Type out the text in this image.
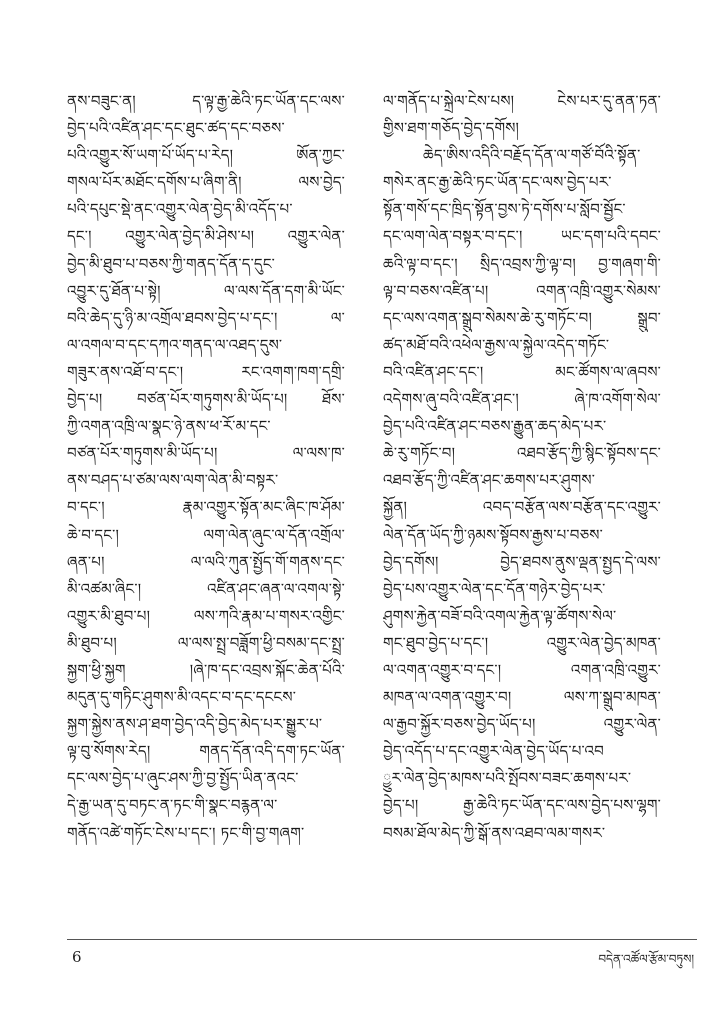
ནས་བཟུང་ན། ད་ལྟ་རྒྱ་ཆེའི་ཏང་ཡོན་དང་ལས་
བྱེད་པའི་འཛིན་ཤང་དང་ཐུང་ཚད་དང་བཅས་
པའི་འགྱུར་སོ་ཡག་པོ་ཡོད་པ་རེད། ཨོན་ཀྱང་
གསལ་པོར་མཐོང་དགོས་པ་ཞིག་ནི། ལས་བྱེད་
པའི་དཔུང་སྡེ་ནང་འགྱུར་ལེན་བྱེད་མི་འདོད་པ་
དང་། འགྱུར་ལེན་བྱེད་མི་ཤེས་པ། འགྱུར་ལེན་
བྱེད་མི་ཐུབ་པ་བཅས་ཀྱི་གནད་དོན་ད་དུང་
འབྱུར་དུ་ཐོན་པ་སྟེ། ལ་ལས་དོན་དག་མི་ཡོང་
བའི་ཆེད་དུ་ཉི་མ་འགྲོལ་ཐབས་བྱེད་པ་དང་། ལ་
ལ་འགལ་བ་དང་དཀའ་གནད་ལ་འཐད་དུས་
གཟུར་ནས་འཐོ་བ་དང་། རང་འགག་ཁག་དགྲི་
བྱེད་པ། བཙན་པོར་གཏུགས་མི་ཡོད་པ། ཐོས་
ཀྱི་འགན་འཁྲི་ལ་སྣང་ཉེ་ནས་ཕ་རོ་མ་དང་
བཙན་པོར་གཏུགས་མི་ཡོད་པ། ལ་ལས་ཁ་
ནས་བཤད་པ་ཙམ་ལས་ལག་ལེན་མི་བསྟར་
བ་དང་། རྣམ་འགྱུར་སྟོན་མང་ཞིང་ཁ་ཤོམ་
ཆེ་བ་དང་། ལག་ལེན་ཞུང་ལ་དོན་འགྲོལ་
ཞན་པ། ལ་ལའི་ཀུན་སྤྱོད་གོ་གནས་དང་
མི་འཚམ་ཞིང་། འཛིན་ཤང་ཞན་ལ་འགལ་སྟེ་
འགྱུར་མི་ཐུབ་པ། ལས་ཀའི་རྣམ་པ་གསར་འགྱིང་
མི་ཐུབ་པ། ལ་ལས་སྤྲ་བཟློག་ཕྱི་བསམ་དང་སྤྲ་
སྐྱག་ཕྱི་སྐྱག །ཞེ་ཁ་དང་འབྲས་སྐོང་ཆེན་པོའི་
མདུན་དུ་གཏིང་ཤུགས་མི་འདང་བ་དང་དངངས་
སྐྱག་སྐྱེས་ནས་ཤ་ཐག་བྱེད་འདི་བྱེད་མེད་པར་སྒྱུར་པ་
ལྟ་བུ་སོགས་རེད། གནད་དོན་འདི་དག་ཏང་ཡོན་
དང་ལས་བྱེད་པ་ཞུང་ཤས་ཀྱི་བྱ་སྤྱོད་ཡིན་ནའང་
དེ་རྒྱ་ཡན་དུ་བཏང་ན་ཏང་གི་སྣང་བརྙན་ལ་
གནོད་འཚེ་གཏོང་ངེས་པ་དང་། ཏང་གི་བྱ་གཞག་
ལ་གནོད་པ་སྐྲེལ་ངེས་པས། ངེས་པར་དུ་ནན་ཏན་
གྱིས་ཐག་གཅོད་བྱེད་དགོས།
ཆེད་ཨིས་འདིའི་བརྗོད་དོན་ལ་གཙོ་བོའི་སྟོན་
གསེར་ནང་རྒྱ་ཆེའི་ཏང་ཡོན་དང་ལས་བྱེད་པར་
སྟོན་གསོ་དང་ཁྲིད་སྟོན་བྱས་ཏེ་དགོས་པ་སློབ་སྦྱོང་
དང་ལག་ལེན་བསྟར་བ་དང་། ཡང་དག་པའི་དབང་
ཆའི་ལྟ་བ་དང་། སྲིད་འབྲས་ཀྱི་ལྟ་བ། བྱ་གཞག་གི་
ལྟ་བ་བཅས་འཛིན་པ། འགན་འཁྲི་འགྱུར་སེམས་
དང་ལས་འགན་སྒྲུབ་སེམས་ཆེ་རུ་གཏོང་བ། སྒྲུབ་
ཚད་མཐོ་བའི་འཕེལ་རྒྱས་ལ་སྐྱེལ་འདེད་གཏོང་
བའི་འཛིན་ཤང་དང་། མང་ཚོགས་ལ་ཞབས་
འདེགས་ཞུ་བའི་འཛིན་ཤང་། ཞེ་ཁ་འགོག་སེལ་
བྱེད་པའི་འཛིན་ཤང་བཅས་རྒྱུན་ཆད་མེད་པར་
ཆེ་རུ་གཏོང་བ། འཐབ་རྩོད་ཀྱི་སྙིང་སྟོབས་དང་
འཐབ་རྩོད་ཀྱི་འཛིན་ཤང་ཆགས་པར་ཤུགས་
སྐྱོན། འབད་བརྩོན་ལས་བརྩོན་དང་འགྱུར་
ལེན་དོན་ཡོད་ཀྱི་ཉམས་སྟོབས་རྒྱས་པ་བཅས་
བྱེད་དགོས། བྱེད་ཐབས་ནུས་ལྡན་སྤྱད་དེ་ལས་
བྱེད་པས་འགྱུར་ལེན་དང་དོན་གཉེར་བྱེད་པར་
ཤུགས་རྐྱེན་བཟོ་བའི་འགལ་རྐྱེན་ལྟ་ཚོགས་སེལ་
གང་ཐུབ་བྱེད་པ་དང་། འགྱུར་ལེན་བྱེད་མཁན་
ལ་འགན་འགྱུར་བ་དང་། འགན་འཁྲི་འགྱུར་
མཁན་ལ་འགན་འགྱུར་བ། ལས་ཀ་སྒྲུབ་མཁན་
ལ་རྒྱབ་སྐྱོར་བཅས་བྱེད་ཡོད་པ། འགྱུར་ལེན་
བྱེད་འདོད་པ་དང་འགྱུར་ལེན་བྱེད་ཡོད་པ་འབ
ྱུར་ལེན་བྱེད་མཁས་པའི་སྤོབས་བཟང་ཆགས་པར་
བྱེད་པ། རྒྱ་ཆེའི་ཏང་ཡོན་དང་ལས་བྱེད་པས་ལྷག་
བསམ་ཐོལ་མེད་ཀྱི་སྒོ་ནས་འཐབ་ལམ་གསར་
6	བདེན་འཚོལ་རྩོམ་བཏུས།
